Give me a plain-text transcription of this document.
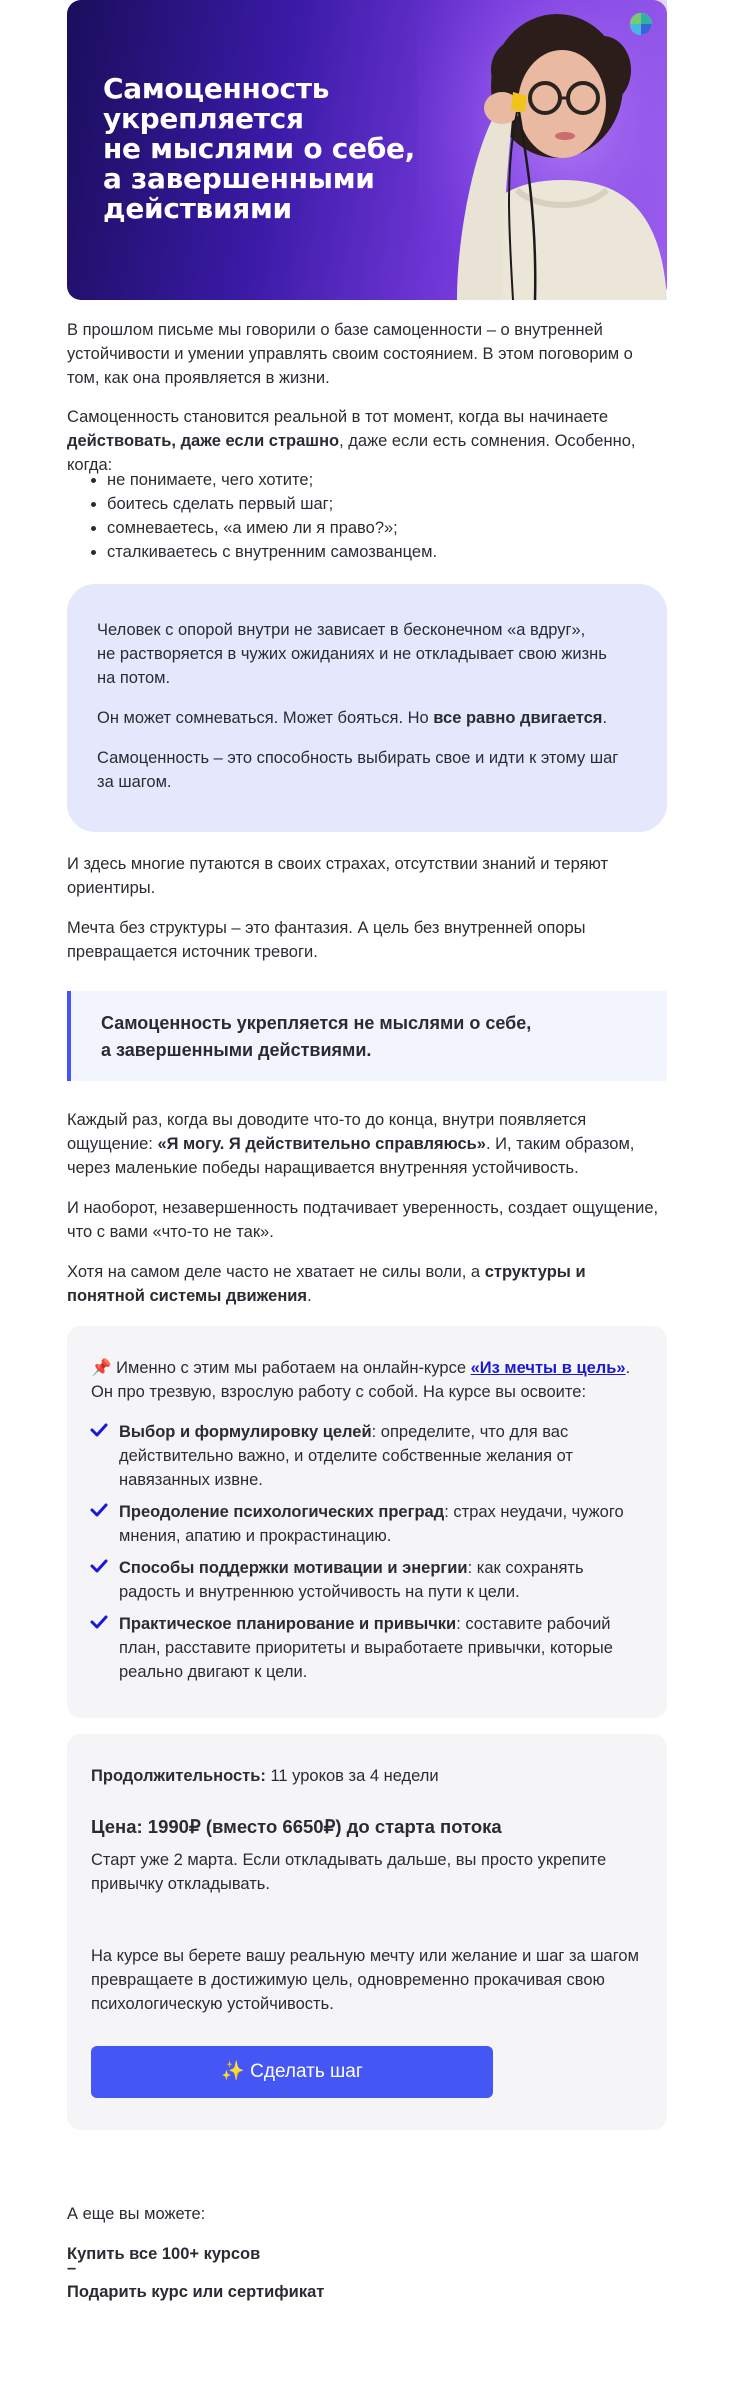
Самоценность
укрепляется
не мыслями о себе,
а завершенными
действиями

В прошлом письме мы говорили о базе самоценности – о внутренней устойчивости и умении управлять своим состоянием. В этом поговорим о том, как она проявляется в жизни.

Самоценность становится реальной в тот момент, когда вы начинаете действовать, даже если страшно, даже если есть сомнения. Особенно, когда:

• не понимаете, чего хотите;
• боитесь сделать первый шаг;
• сомневаетесь, «а имею ли я право?»;
• сталкиваетесь с внутренним самозванцем.

Человек с опорой внутри не зависает в бесконечном «а вдруг»,
не растворяется в чужих ожиданиях и не откладывает свою жизнь
на потом.

Он может сомневаться. Может бояться. Но все равно двигается.

Самоценность – это способность выбирать свое и идти к этому шаг за шагом.

И здесь многие путаются в своих страхах, отсутствии знаний и теряют ориентиры.

Мечта без структуры – это фантазия. А цель без внутренней опоры превращается источник тревоги.

Самоценность укрепляется не мыслями о себе,
а завершенными действиями.

Каждый раз, когда вы доводите что-то до конца, внутри появляется ощущение: «Я могу. Я действительно справляюсь». И, таким образом, через маленькие победы наращивается внутренняя устойчивость.

И наоборот, незавершенность подтачивает уверенность, создает ощущение, что с вами «что-то не так».

Хотя на самом деле часто не хватает не силы воли, а структуры и понятной системы движения.

📌 Именно с этим мы работаем на онлайн-курсе «Из мечты в цель». Он про трезвую, взрослую работу с собой. На курсе вы освоите:

Выбор и формулировку целей: определите, что для вас действительно важно, и отделите собственные желания от навязанных извне.

Преодоление психологических преград: страх неудачи, чужого мнения, апатию и прокрастинацию.

Способы поддержки мотивации и энергии: как сохранять радость и внутреннюю устойчивость на пути к цели.

Практическое планирование и привычки: составите рабочий план, расставите приоритеты и выработаете привычки, которые реально двигают к цели.

Продолжительность: 11 уроков за 4 недели

Цена: 1990₽ (вместо 6650₽) до старта потока

Старт уже 2 марта. Если откладывать дальше, вы просто укрепите привычку откладывать.

На курсе вы берете вашу реальную мечту или желание и шаг за шагом превращаете в достижимую цель, одновременно прокачивая свою психологическую устойчивость.

✨ Сделать шаг

А еще вы можете:

Купить все 100+ курсов
–
Подарить курс или сертификат
